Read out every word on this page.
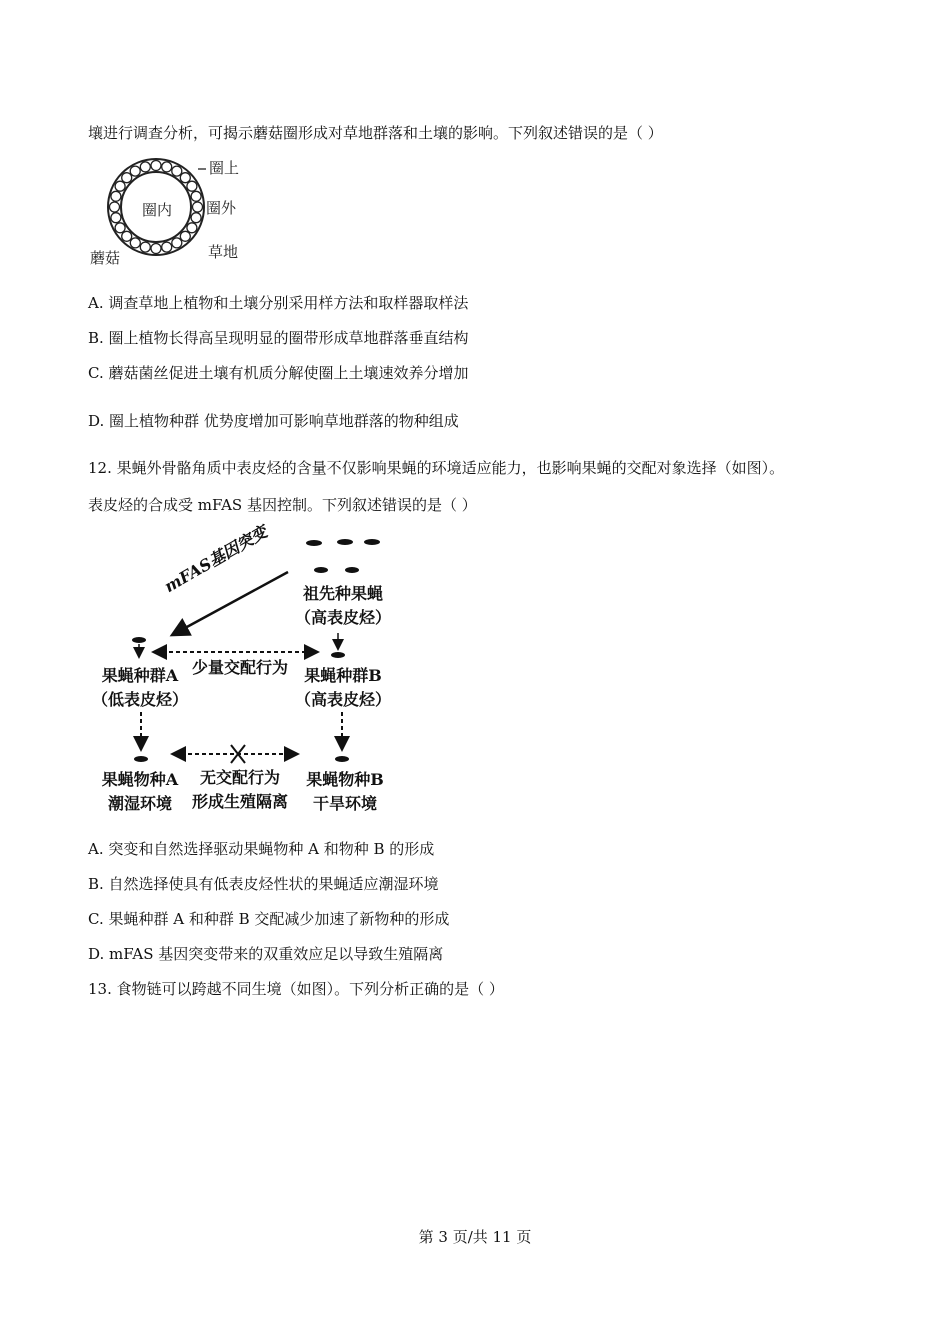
壤进行调查分析，可揭示蘑菇圈形成对草地群落和土壤的影响。下列叙述错误的是（ ）
圈上
圈内 圈外
蘑菇	草地
A. 调查草地上植物和土壤分别采用样方法和取样器取样法
B. 圈上植物长得高呈现明显的圈带形成草地群落垂直结构
C. 蘑菇菌丝促进土壤有机质分解使圈上土壤速效养分增加
D. 圈上植物种群 优势度增加可影响草地群落的物种组成
12. 果蝇外骨骼角质中表皮烃的含量不仅影响果蝇的环境适应能力，也影响果蝇的交配对象选择（如图）。
表皮烃的合成受 mFAS 基因控制。下列叙述错误的是（ ）
祖先种果蝇
（高表皮烃）
mFAS基因突变
果蝇种群A
（低表皮烃）
少量交配行为	果蝇种群B
（高表皮烃）
果蝇物种A
潮湿环境
无交配行为
形成生殖隔离
果蝇物种B
干旱环境
A. 突变和自然选择驱动果蝇物种 A 和物种 B 的形成
B. 自然选择使具有低表皮烃性状的果蝇适应潮湿环境
C. 果蝇种群 A 和种群 B 交配减少加速了新物种的形成
D. mFAS 基因突变带来的双重效应足以导致生殖隔离
13. 食物链可以跨越不同生境（如图）。下列分析正确的是（ ）
第 3 页/共 11 页
